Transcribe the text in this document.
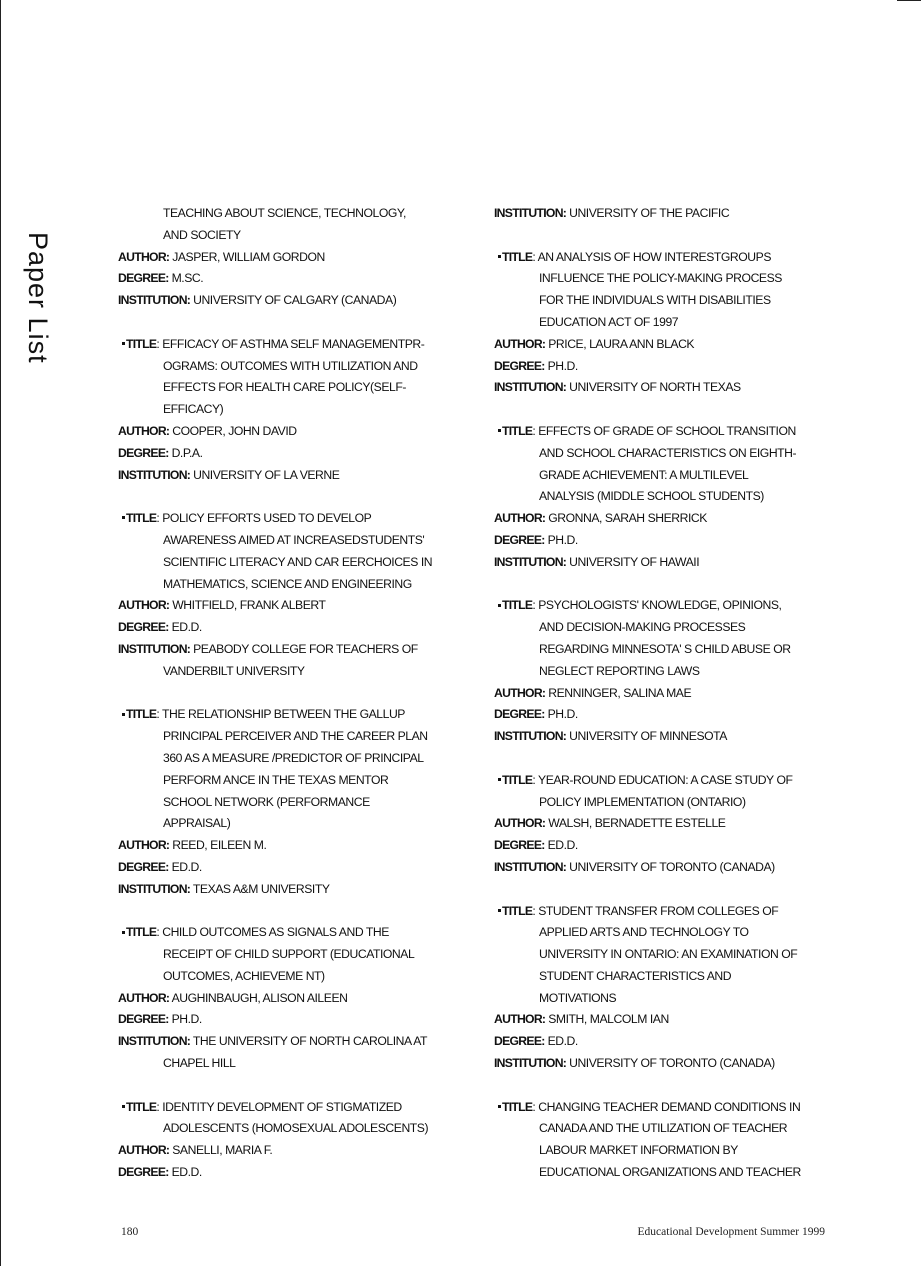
Paper List
TEACHING ABOUT SCIENCE, TECHNOLOGY,
AND SOCIETY
AUTHOR: JASPER, WILLIAM GORDON
DEGREE: M.SC.
INSTITUTION: UNIVERSITY OF CALGARY (CANADA)
TITLE: EFFICACY OF ASTHMA SELF MANAGEMENTPR-
OGRAMS: OUTCOMES WITH UTILIZATION AND
EFFECTS FOR HEALTH CARE POLICY(SELF-
EFFICACY)
AUTHOR: COOPER, JOHN DAVID
DEGREE: D.P.A.
INSTITUTION: UNIVERSITY OF LA VERNE
TITLE: POLICY EFFORTS USED TO DEVELOP
AWARENESS AIMED AT INCREASEDSTUDENTS'
SCIENTIFIC LITERACY AND CAR EERCHOICES IN
MATHEMATICS, SCIENCE AND ENGINEERING
AUTHOR: WHITFIELD, FRANK ALBERT
DEGREE: ED.D.
INSTITUTION: PEABODY COLLEGE FOR TEACHERS OF
VANDERBILT UNIVERSITY
TITLE: THE RELATIONSHIP BETWEEN THE GALLUP
PRINCIPAL PERCEIVER AND THE CAREER PLAN
360 AS A MEASURE /PREDICTOR OF PRINCIPAL
PERFORM ANCE IN THE TEXAS MENTOR
SCHOOL NETWORK (PERFORMANCE
APPRAISAL)
AUTHOR: REED, EILEEN M.
DEGREE: ED.D.
INSTITUTION: TEXAS A&M UNIVERSITY
TITLE: CHILD OUTCOMES AS SIGNALS AND THE
RECEIPT OF CHILD SUPPORT (EDUCATIONAL
OUTCOMES, ACHIEVEME NT)
AUTHOR: AUGHINBAUGH, ALISON AILEEN
DEGREE: PH.D.
INSTITUTION: THE UNIVERSITY OF NORTH CAROLINA AT
CHAPEL HILL
TITLE: IDENTITY DEVELOPMENT OF STIGMATIZED
ADOLESCENTS (HOMOSEXUAL ADOLESCENTS)
AUTHOR: SANELLI, MARIA F.
DEGREE: ED.D.
INSTITUTION: UNIVERSITY OF THE PACIFIC
TITLE: AN ANALYSIS OF HOW INTERESTGROUPS
INFLUENCE THE POLICY-MAKING PROCESS
FOR THE INDIVIDUALS WITH DISABILITIES
EDUCATION ACT OF 1997
AUTHOR: PRICE, LAURA ANN BLACK
DEGREE: PH.D.
INSTITUTION: UNIVERSITY OF NORTH TEXAS
TITLE: EFFECTS OF GRADE OF SCHOOL TRANSITION
AND SCHOOL CHARACTERISTICS ON EIGHTH-
GRADE ACHIEVEMENT: A MULTILEVEL
ANALYSIS (MIDDLE SCHOOL STUDENTS)
AUTHOR: GRONNA, SARAH SHERRICK
DEGREE: PH.D.
INSTITUTION: UNIVERSITY OF HAWAII
TITLE: PSYCHOLOGISTS' KNOWLEDGE, OPINIONS,
AND DECISION-MAKING PROCESSES
REGARDING MINNESOTA' S CHILD ABUSE OR
NEGLECT REPORTING LAWS
AUTHOR: RENNINGER, SALINA MAE
DEGREE: PH.D.
INSTITUTION: UNIVERSITY OF MINNESOTA
TITLE: YEAR-ROUND EDUCATION: A CASE STUDY OF
POLICY IMPLEMENTATION (ONTARIO)
AUTHOR: WALSH, BERNADETTE ESTELLE
DEGREE: ED.D.
INSTITUTION: UNIVERSITY OF TORONTO (CANADA)
TITLE: STUDENT TRANSFER FROM COLLEGES OF
APPLIED ARTS AND TECHNOLOGY TO
UNIVERSITY IN ONTARIO: AN EXAMINATION OF
STUDENT CHARACTERISTICS AND
MOTIVATIONS
AUTHOR: SMITH, MALCOLM IAN
DEGREE: ED.D.
INSTITUTION: UNIVERSITY OF TORONTO (CANADA)
TITLE: CHANGING TEACHER DEMAND CONDITIONS IN
CANADA AND THE UTILIZATION OF TEACHER
LABOUR MARKET INFORMATION BY
EDUCATIONAL ORGANIZATIONS AND TEACHER
180	Educational Development Summer 1999
